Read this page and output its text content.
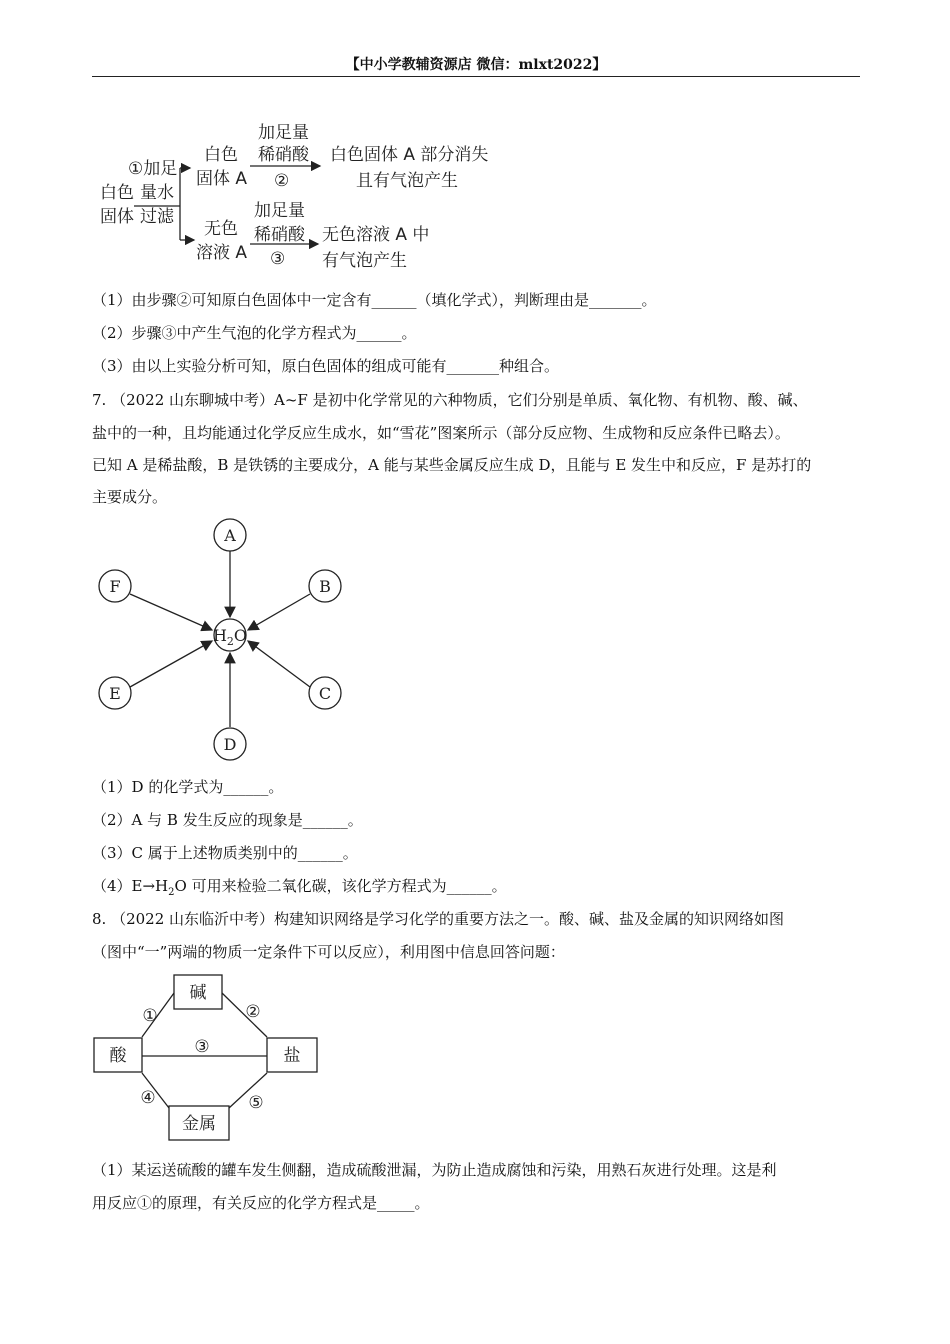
【中小学教辅资源店 微信：mlxt2022】
白色
固体
①加足
量水
过滤
白色
固体 A
加足量
稀硝酸
②
白色固体 A 部分消失
且有气泡产生
无色
溶液 A
加足量
稀硝酸
③
无色溶液 A 中
有气泡产生
（1）由步骤②可知原白色固体中一定含有______（填化学式），判断理由是_______。
（2）步骤③中产生气泡的化学方程式为______。
（3）由以上实验分析可知，原白色固体的组成可能有_______种组合。
7. （2022 山东聊城中考）A~F 是初中化学常见的六种物质，它们分别是单质、氧化物、有机物、酸、碱、
盐中的一种，且均能通过化学反应生成水，如“雪花”图案所示（部分反应物、生成物和反应条件已略去）。
已知 A 是稀盐酸，B 是铁锈的主要成分，A 能与某些金属反应生成 D，且能与 E 发生中和反应，F 是苏打的
主要成分。
$H_2O$
A
B
C
D
E
F
（1）D 的化学式为______。
（2）A 与 B 发生反应的现象是______。
（3）C 属于上述物质类别中的______。
$(4)E\to H_2O$ 可用来检验二氧化碳，该化学方程式为______。
8. （2022 山东临沂中考）构建知识网络是学习化学的重要方法之一。酸、碱、盐及金属的知识网络如图
（图中“一”两端的物质一定条件下可以反应），利用图中信息回答问题：
碱
酸	盐
金属
①	②
③
④	⑤
（1）某运送硫酸的罐车发生侧翻，造成硫酸泄漏，为防止造成腐蚀和污染，用熟石灰进行处理。这是利
用反应①的原理，有关反应的化学方程式是_____。
